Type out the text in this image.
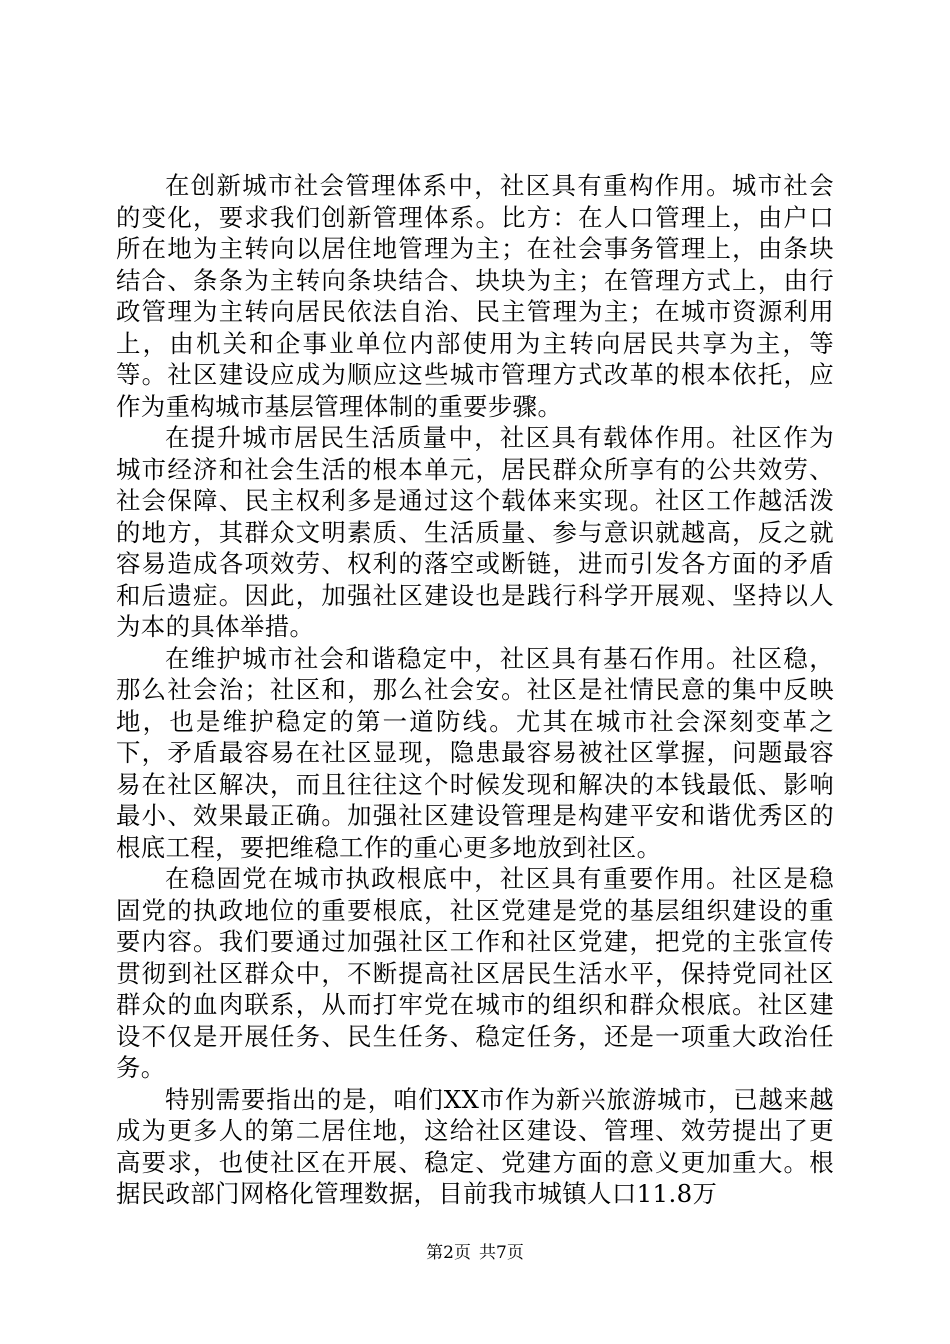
在创新城市社会管理体系中，社区具有重构作用。城市社会的变化，要求我们创新管理体系。比方：在人口管理上，由户口所在地为主转向以居住地管理为主；在社会事务管理上，由条块结合、条条为主转向条块结合、块块为主；在管理方式上，由行政管理为主转向居民依法自治、民主管理为主；在城市资源利用上，由机关和企事业单位内部使用为主转向居民共享为主，等等。社区建设应成为顺应这些城市管理方式改革的根本依托，应作为重构城市基层管理体制的重要步骤。

在提升城市居民生活质量中，社区具有载体作用。社区作为城市经济和社会生活的根本单元，居民群众所享有的公共效劳、社会保障、民主权利多是通过这个载体来实现。社区工作越活泼的地方，其群众文明素质、生活质量、参与意识就越高，反之就容易造成各项效劳、权利的落空或断链，进而引发各方面的矛盾和后遗症。因此，加强社区建设也是践行科学开展观、坚持以人为本的具体举措。

在维护城市社会和谐稳定中，社区具有基石作用。社区稳，那么社会治；社区和，那么社会安。社区是社情民意的集中反映地，也是维护稳定的第一道防线。尤其在城市社会深刻变革之下，矛盾最容易在社区显现，隐患最容易被社区掌握，问题最容易在社区解决，而且往往这个时候发现和解决的本钱最低、影响最小、效果最正确。加强社区建设管理是构建平安和谐优秀区的根底工程，要把维稳工作的重心更多地放到社区。

在稳固党在城市执政根底中，社区具有重要作用。社区是稳固党的执政地位的重要根底，社区党建是党的基层组织建设的重要内容。我们要通过加强社区工作和社区党建，把党的主张宣传贯彻到社区群众中，不断提高社区居民生活水平，保持党同社区群众的血肉联系，从而打牢党在城市的组织和群众根底。社区建设不仅是开展任务、民生任务、稳定任务，还是一项重大政治任务。

特别需要指出的是，咱们XX市作为新兴旅游城市，已越来越成为更多人的第二居住地，这给社区建设、管理、效劳提出了更高要求，也使社区在开展、稳定、党建方面的意义更加重大。根据民政部门网格化管理数据，目前我市城镇人口11.8万

第2页 共7页
